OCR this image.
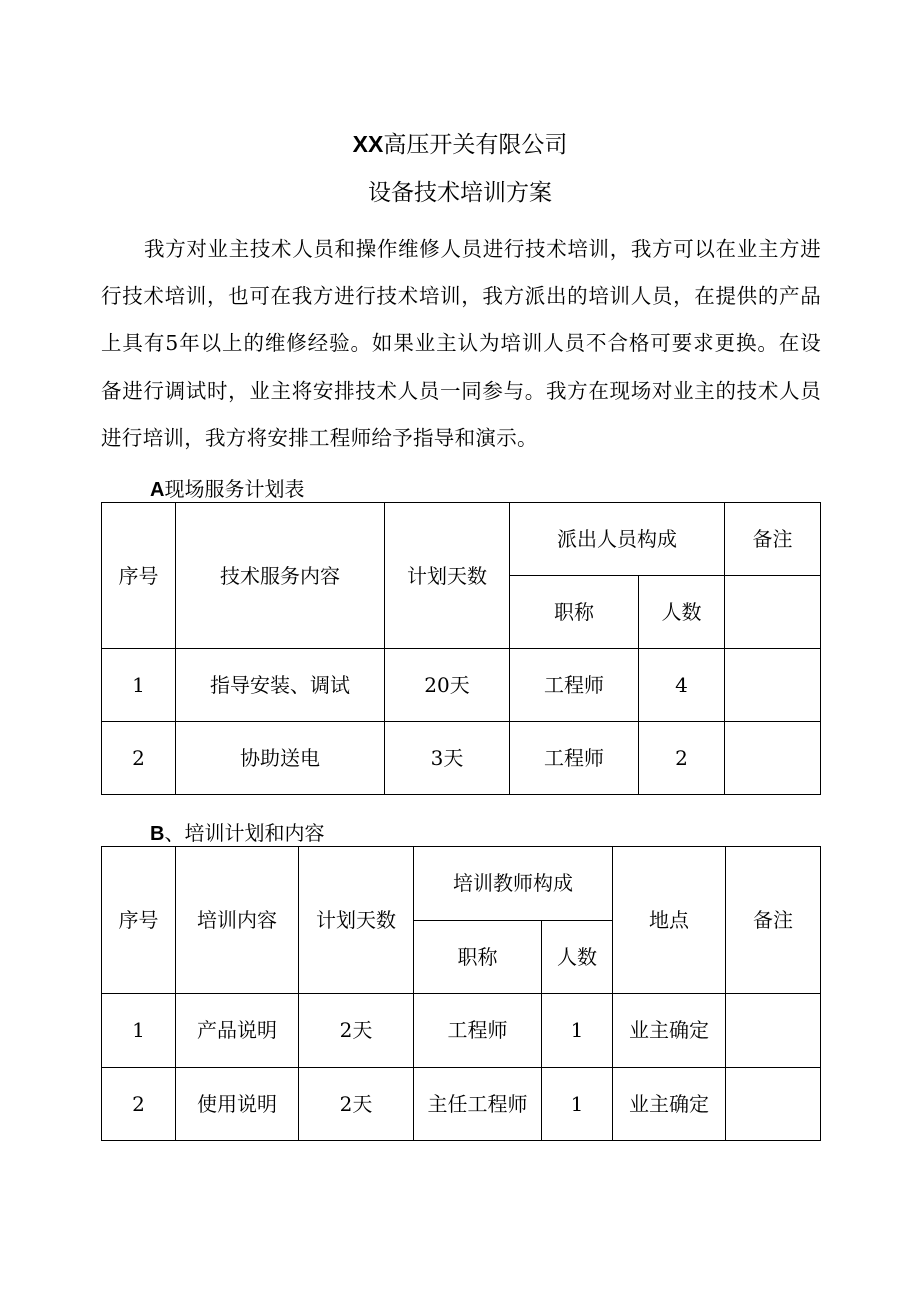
XX高压开关有限公司
设备技术培训方案

我方对业主技术人员和操作维修人员进行技术培训，我方可以在业主方进行技术培训，也可在我方进行技术培训，我方派出的培训人员，在提供的产品上具有5年以上的维修经验。如果业主认为培训人员不合格可要求更换。在设备进行调试时，业主将安排技术人员一同参与。我方在现场对业主的技术人员进行培训，我方将安排工程师给予指导和演示。

A现场服务计划表
序号	技术服务内容	计划天数	派出人员构成		备注
			职称	人数	
1	指导安装、调试	20天	工程师	4	
2	协助送电	3天	工程师	2	
B、培训计划和内容
序号	培训内容	计划天数	培训教师构成		地点	备注
			职称	人数		
1	产品说明	2天	工程师	1	业主确定	
2	使用说明	2天	主任工程师	1	业主确定	
